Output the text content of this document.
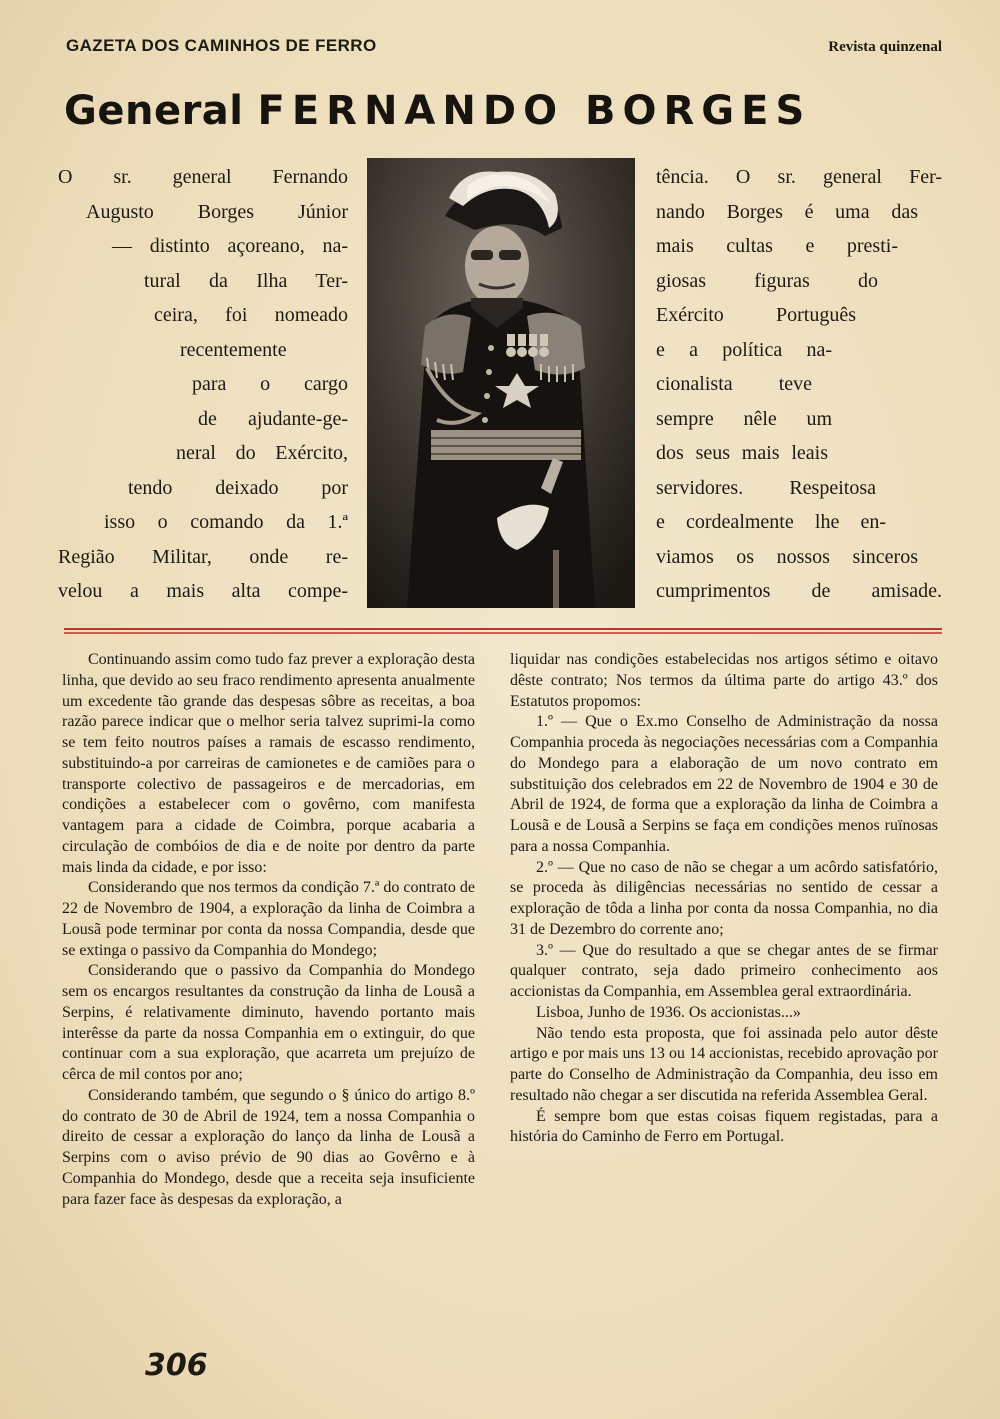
GAZETA DOS CAMINHOS DE FERRO	Revista quinzenal
General FERNANDO BORGES
O sr. general Fernando
Augusto Borges Júnior
— distinto açoreano, na-
tural da Ilha Ter-
ceira, foi nomeado
recentemente
para o cargo
de ajudante-ge-
neral do Exército,
tendo deixado por
isso o comando da 1.ª
Região Militar, onde re-
velou a mais alta compe-
tência. O sr. general Fer-
nando Borges é uma das
mais cultas e presti-
giosas figuras do
Exército Português
e a política na-
cionalista teve
sempre nêle um
dos seus mais leais
servidores. Respeitosa
e cordealmente lhe en-
viamos os nossos sinceros
cumprimentos de amisade.

Continuando assim como tudo faz prever a exploração desta linha, que devido ao seu fraco rendimento apresenta anualmente um excedente tão grande das despesas sôbre as receitas, a boa razão parece indicar que o melhor seria talvez suprimi-la como se tem feito noutros países a ramais de escasso rendimento, substituindo-a por carreiras de camionetes e de camiões para o transporte colectivo de passageiros e de mercadorias, em condições a estabelecer com o govêrno, com manifesta vantagem para a cidade de Coimbra, porque acabaria a circulação de combóios de dia e de noite por dentro da parte mais linda da cidade, e por isso:

Considerando que nos termos da condição 7.ª do contrato de 22 de Novembro de 1904, a exploração da linha de Coimbra a Lousã pode terminar por conta da nossa Compandia, desde que se extinga o passivo da Companhia do Mondego;

Considerando que o passivo da Companhia do Mondego sem os encargos resultantes da construção da linha de Lousã a Serpins, é relativamente diminuto, havendo portanto mais interêsse da parte da nossa Companhia em o extinguir, do que continuar com a sua exploração, que acarreta um prejuízo de cêrca de mil contos por ano;

Considerando também, que segundo o § único do artigo 8.º do contrato de 30 de Abril de 1924, tem a nossa Companhia o direito de cessar a exploração do lanço da linha de Lousã a Serpins com o aviso prévio de 90 dias ao Govêrno e à Companhia do Mondego, desde que a receita seja insuficiente para fazer face às despesas da exploração, a

liquidar nas condições estabelecidas nos artigos sétimo e oitavo dêste contrato; Nos termos da última parte do artigo 43.º dos Estatutos propomos:

1.º — Que o Ex.mo Conselho de Administração da nossa Companhia proceda às negociações necessárias com a Companhia do Mondego para a elaboração de um novo contrato em substituição dos celebrados em 22 de Novembro de 1904 e 30 de Abril de 1924, de forma que a exploração da linha de Coimbra a Lousã e de Lousã a Serpins se faça em condições menos ruïnosas para a nossa Companhia.

2.º — Que no caso de não se chegar a um acôrdo satisfatório, se proceda às diligências necessárias no sentido de cessar a exploração de tôda a linha por conta da nossa Companhia, no dia 31 de Dezembro do corrente ano;

3.º — Que do resultado a que se chegar antes de se firmar qualquer contrato, seja dado primeiro conhecimento aos accionistas da Companhia, em Assemblea geral extraordinária.

Lisboa, Junho de 1936. Os accionistas...»

Não tendo esta proposta, que foi assinada pelo autor dêste artigo e por mais uns 13 ou 14 accionistas, recebido aprovação por parte do Conselho de Administração da Companhia, deu isso em resultado não chegar a ser discutida na referida Assemblea Geral.

É sempre bom que estas coisas fiquem registadas, para a história do Caminho de Ferro em Portugal.

306
